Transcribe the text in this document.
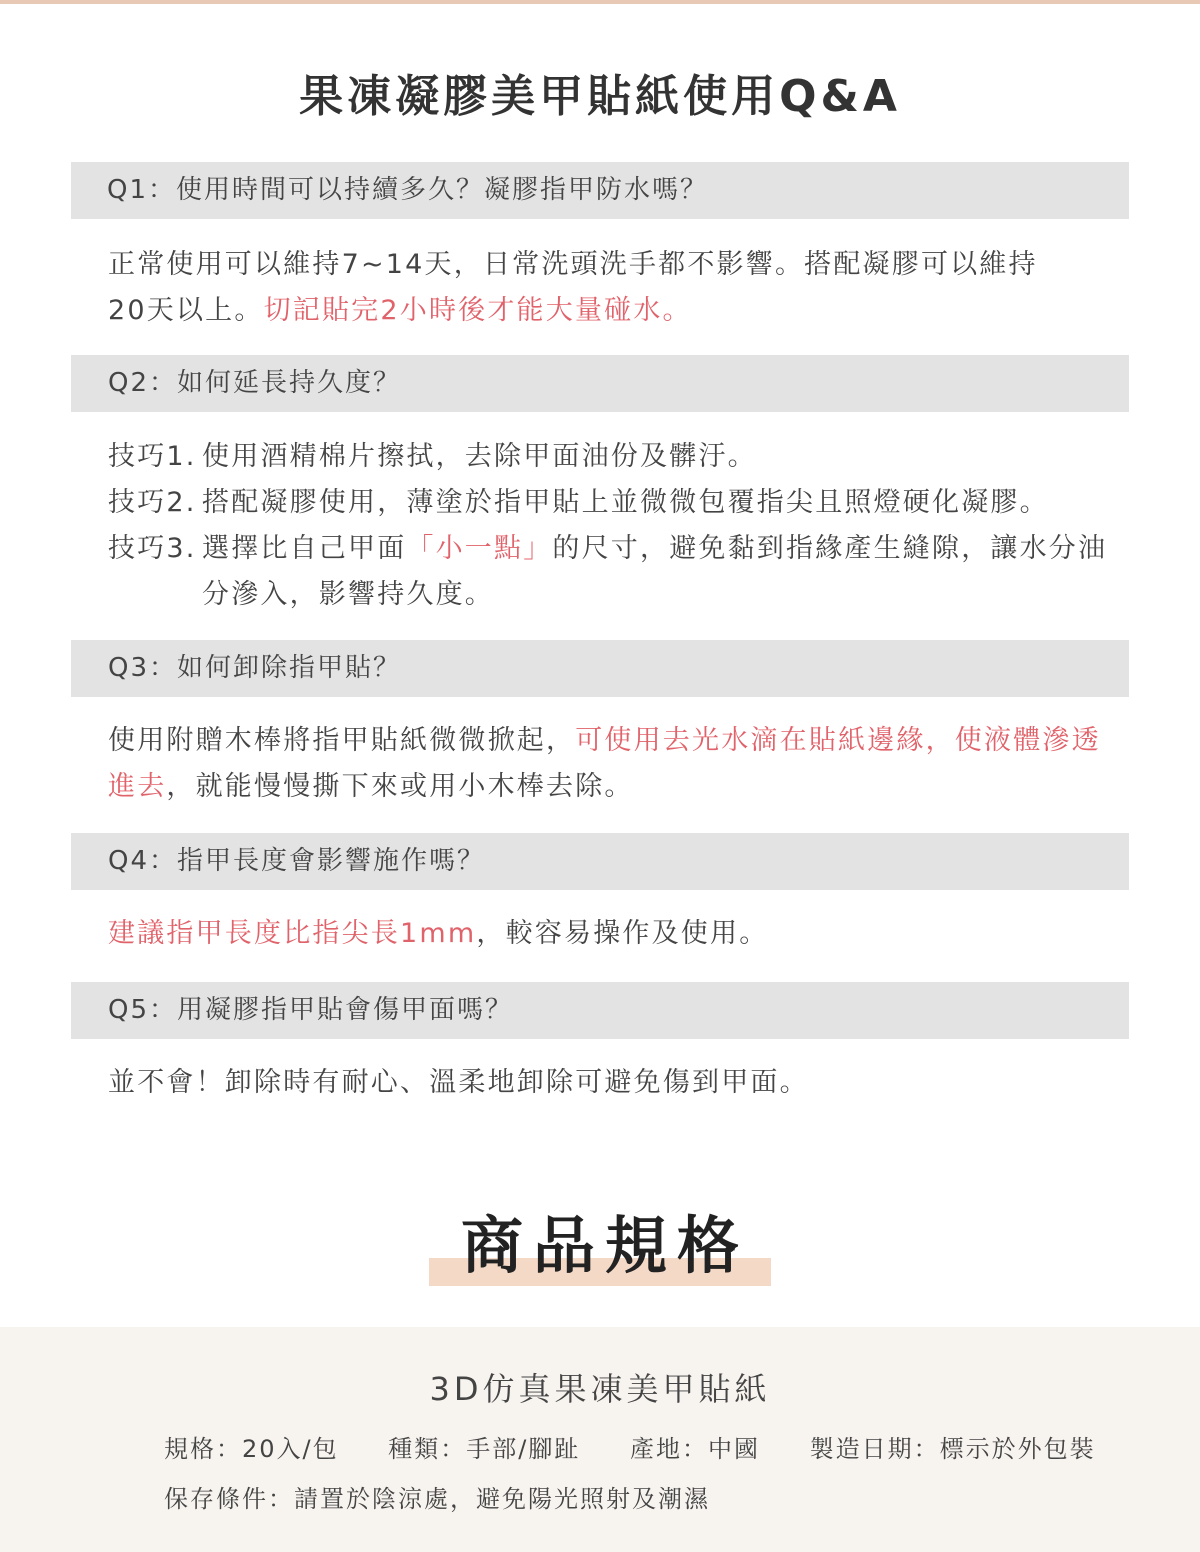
果凍凝膠美甲貼紙使用Q&A
Q1：使用時間可以持續多久？凝膠指甲防水嗎？

正常使用可以維持7~14天，日常洗頭洗手都不影響。搭配凝膠可以維持

20天以上。切記貼完2小時後才能大量碰水。

Q2：如何延長持久度？

技巧1. 使用酒精棉片擦拭，去除甲面油份及髒汙。

技巧2. 搭配凝膠使用，薄塗於指甲貼上並微微包覆指尖且照燈硬化凝膠。

技巧3. 選擇比自己甲面「小一點」的尺寸，避免黏到指緣產生縫隙，讓水分油分滲入，影響持久度。

Q3：如何卸除指甲貼？

使用附贈木棒將指甲貼紙微微掀起，可使用去光水滴在貼紙邊緣，使液體滲透進去，就能慢慢撕下來或用小木棒去除。

Q4：指甲長度會影響施作嗎？

建議指甲長度比指尖長1mm，較容易操作及使用。

Q5：用凝膠指甲貼會傷甲面嗎？

並不會！卸除時有耐心、溫柔地卸除可避免傷到甲面。

商品規格
3D仿真果凍美甲貼紙
規格：20入/包 種類：手部/腳趾 產地：中國 製造日期：標示於外包裝
保存條件：請置於陰涼處，避免陽光照射及潮濕
